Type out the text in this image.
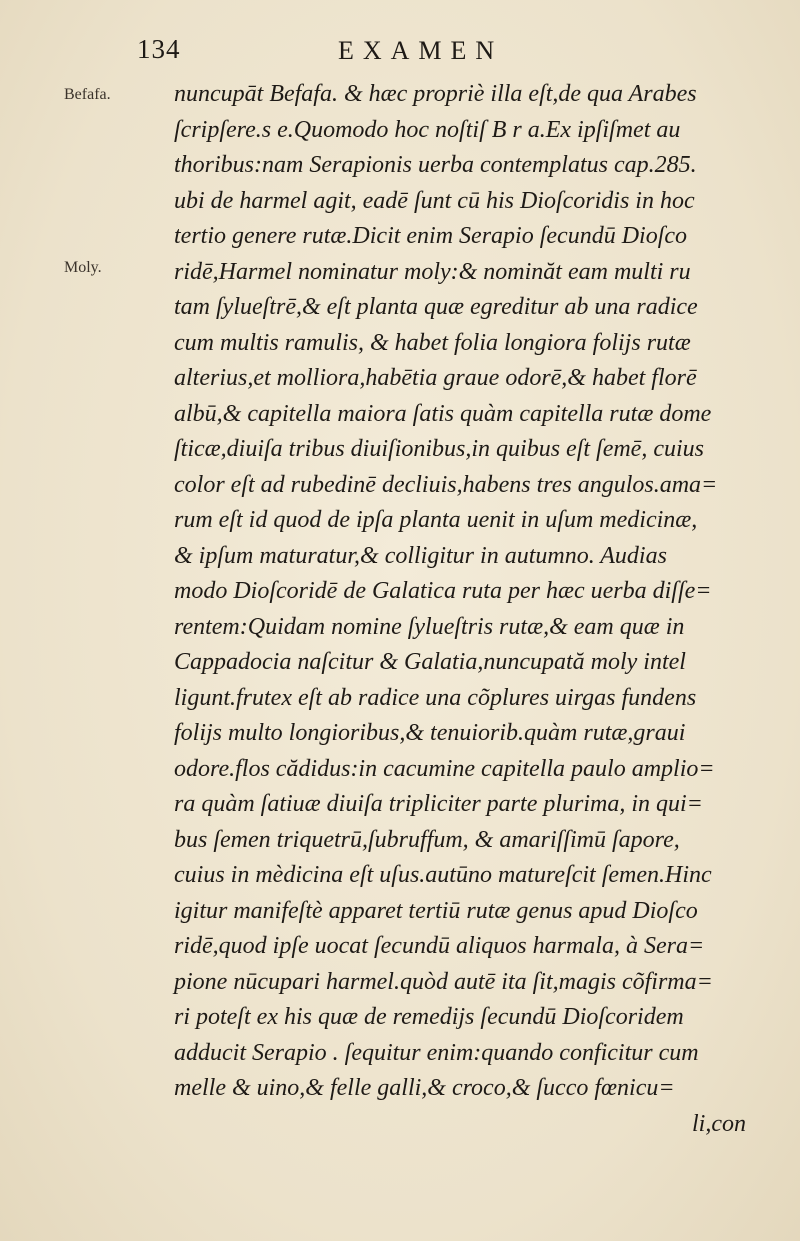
134	EXAMEN
Befafa.
Moly.
nuncupāt Befafa. & hæc propriè illa eſt,de qua Arabes
ſcripſere.s e.Quomodo hoc noſtiſ B r a.Ex ipſiſmet au
thoribus:nam Serapionis uerba contemplatus cap.285.
ubi de harmel agit, eadē ſunt cū his Dioſcoridis in hoc
tertio genere rutæ.Dicit enim Serapio ſecundū Dioſco
ridē,Harmel nominatur moly:& nominăt eam multi ru
tam ſylueſtrē,& eſt planta quæ egreditur ab una radice
cum multis ramulis, & habet folia longiora folijs rutæ
alterius,et molliora,habētia graue odorē,& habet florē
albū,& capitella maiora ſatis quàm capitella rutæ dome
ſticæ,diuiſa tribus diuiſionibus,in quibus eſt ſemē, cuius
color eſt ad rubedinē decliuis,habens tres angulos.ama=
rum eſt id quod de ipſa planta uenit in uſum medicinæ,
& ipſum maturatur,& colligitur in autumno. Audias
modo Dioſcoridē de Galatica ruta per hæc uerba diſſe=
rentem:Quidam nomine ſylueſtris rutæ,& eam quæ in
Cappadocia naſcitur & Galatia,nuncupată moly intel
ligunt.frutex eſt ab radice una cõplures uirgas fundens
folijs multo longioribus,& tenuiorib.quàm rutæ,graui
odore.flos cădidus:in cacumine capitella paulo amplio=
ra quàm ſatiuæ diuiſa tripliciter parte plurima, in qui=
bus ſemen triquetrū,ſubruffum, & amariſſimū ſapore,
cuius in mèdicina eſt uſus.autūno matureſcit ſemen.Hinc
igitur manifeſtè apparet tertiū rutæ genus apud Dioſco
ridē,quod ipſe uocat ſecundū aliquos harmala, à Sera=
pione nūcupari harmel.quòd autē ita ſit,magis cõfirma=
ri poteſt ex his quæ de remedijs ſecundū Dioſcoridem
adducit Serapio . ſequitur enim:quando conficitur cum
melle & uino,& felle galli,& croco,& ſucco fœnicu=
li,con
